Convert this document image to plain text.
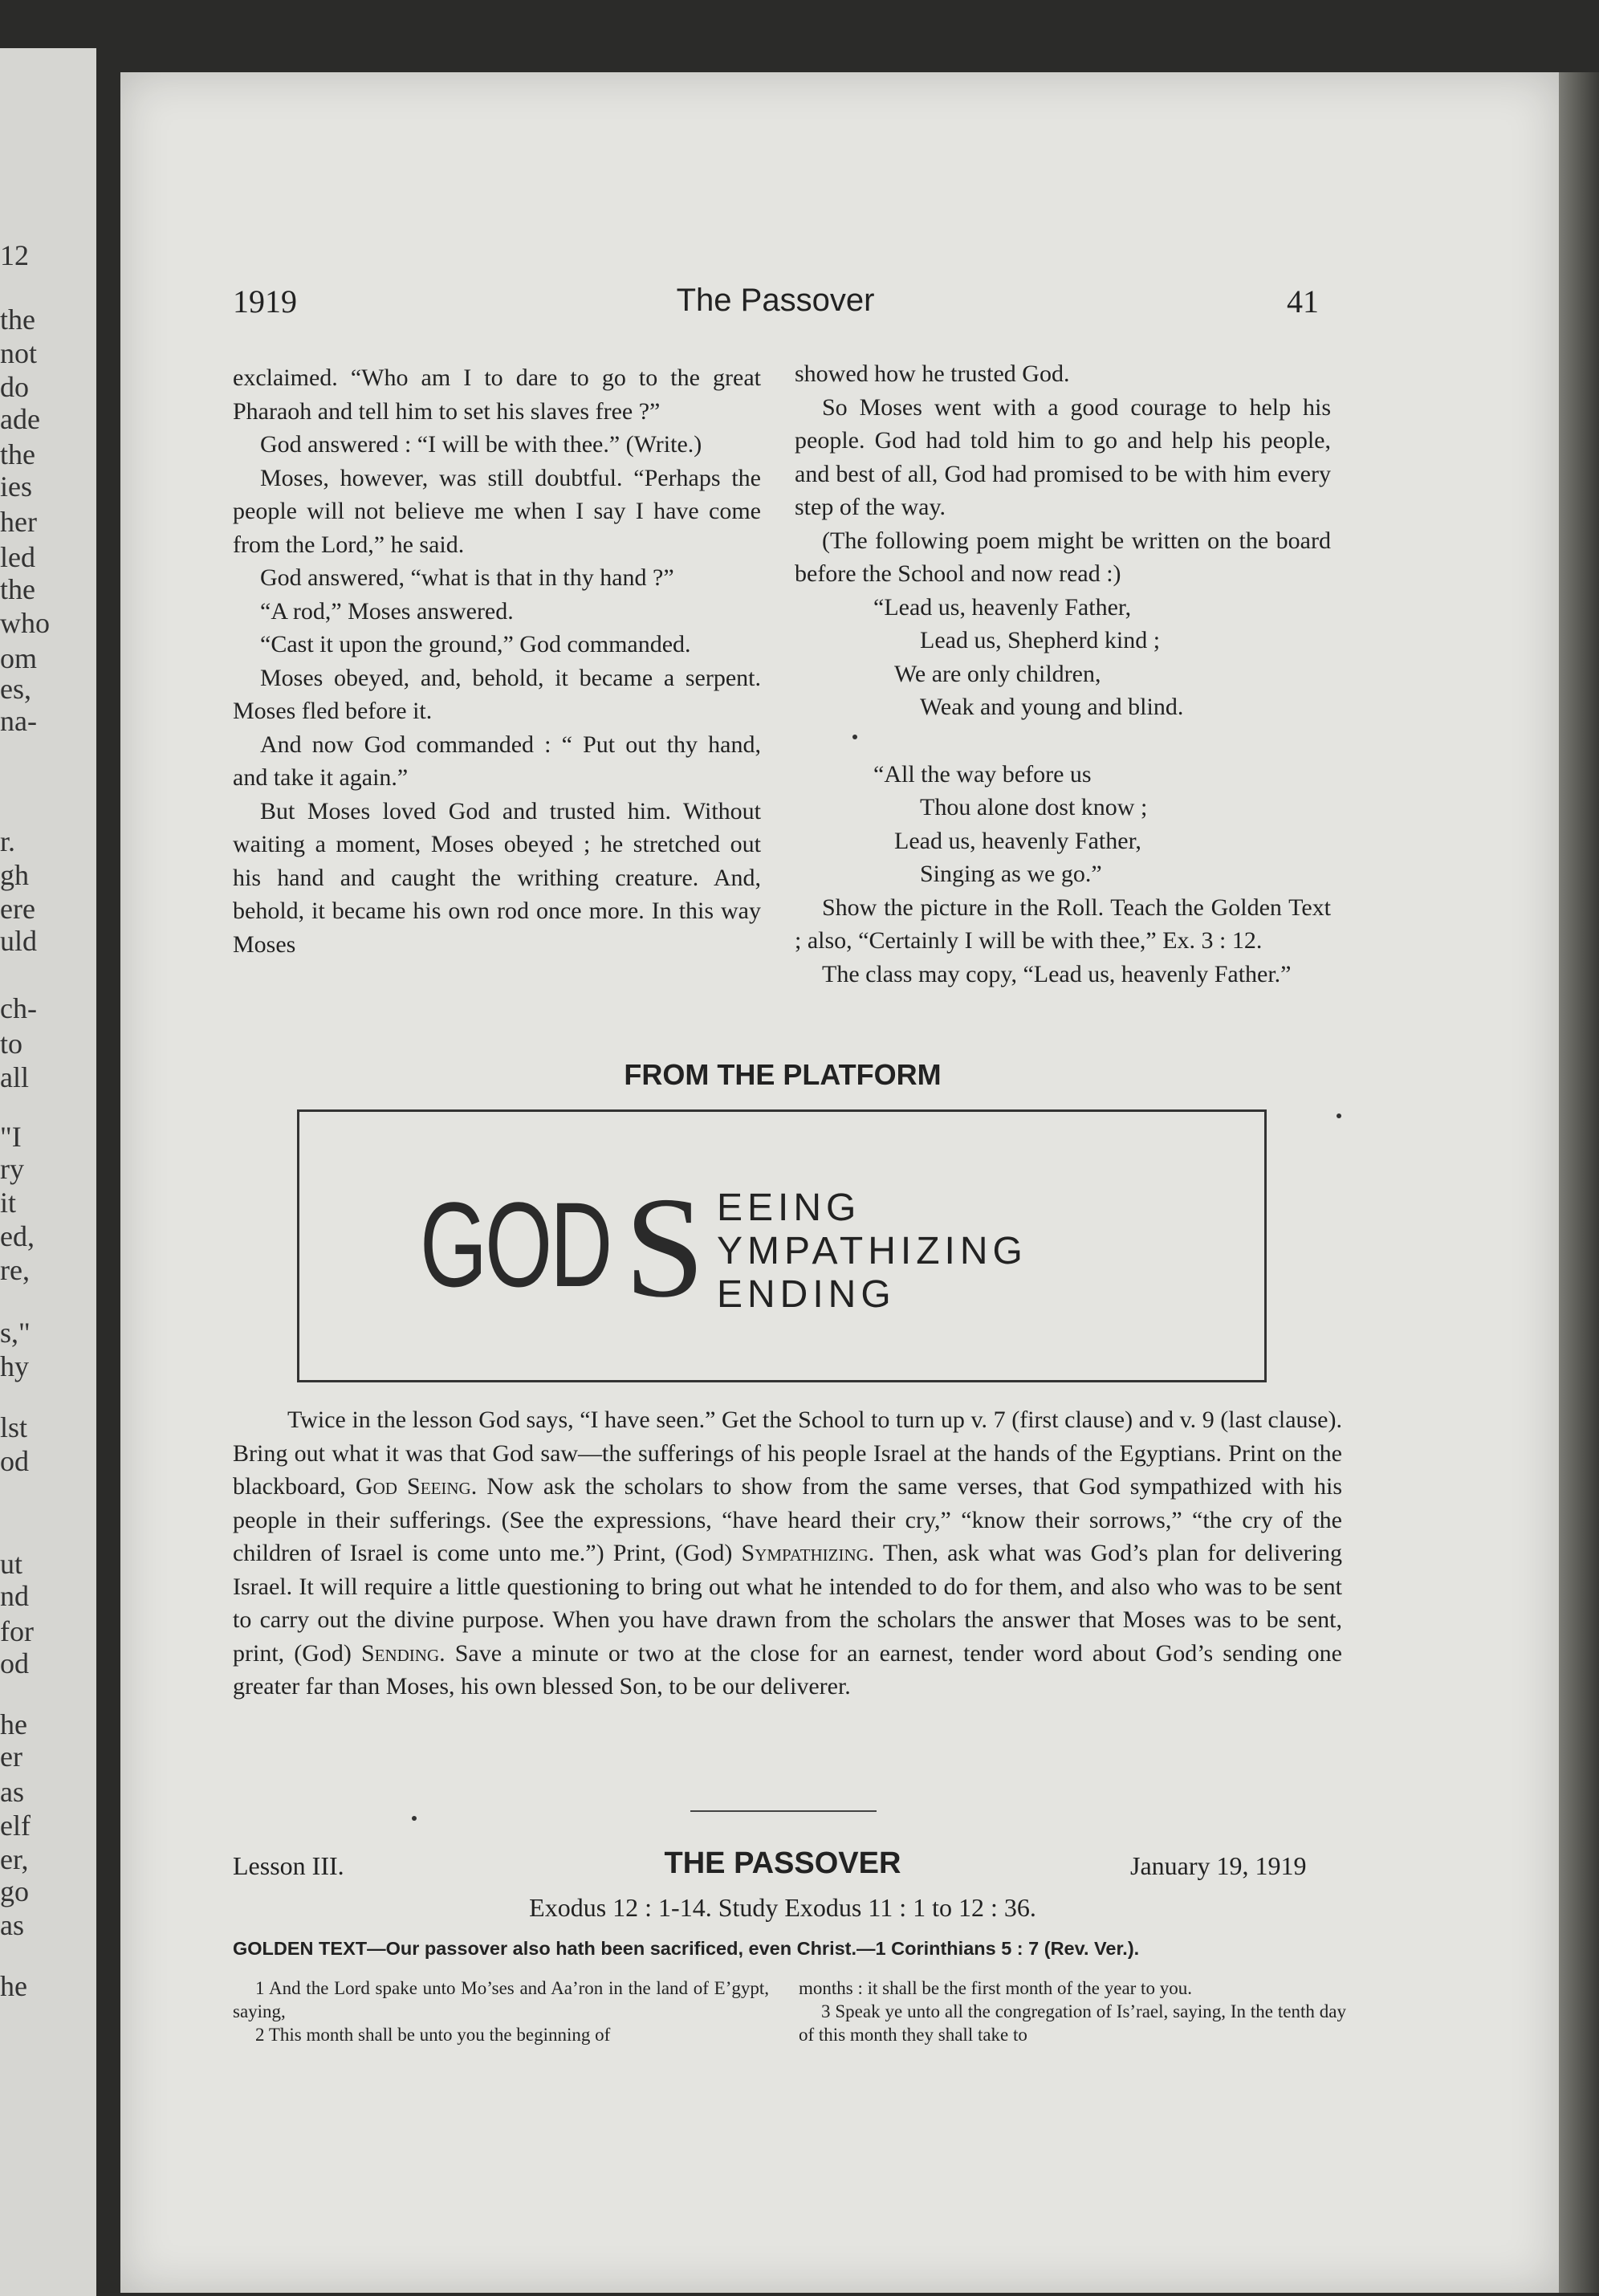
12
the
not
do
ade
the
ies
her
led
the
who
om
es,
na-
r.
gh
ere
uld
ch-
to
all
"I
ry
it
ed,
re,
s,"
hy
lst
od
ut
nd
for
od
he
er
as
elf
er,
go
as
he
1919	The Passover	41

exclaimed. “Who am I to dare to go to the great Pharaoh and tell him to set his slaves free ?”

God answered : “I will be with thee.” (Write.)

Moses, however, was still doubtful. “Perhaps the people will not believe me when I say I have come from the Lord,” he said.

God answered, “what is that in thy hand ?”

“A rod,” Moses answered.

“Cast it upon the ground,” God commanded.

Moses obeyed, and, behold, it became a serpent. Moses fled before it.

And now God commanded : “ Put out thy hand, and take it again.”

But Moses loved God and trusted him. Without waiting a moment, Moses obeyed ; he stretched out his hand and caught the writhing creature. And, behold, it became his own rod once more. In this way Moses

showed how he trusted God.

So Moses went with a good courage to help his people. God had told him to go and help his people, and best of all, God had promised to be with him every step of the way.

(The following poem might be written on the board before the School and now read :)

“Lead us, heavenly Father,

Lead us, Shepherd kind ;

We are only children,

Weak and young and blind.

“All the way before us

Thou alone dost know ;

Lead us, heavenly Father,

Singing as we go.”

Show the picture in the Roll. Teach the Golden Text ; also, “Certainly I will be with thee,” Ex. 3 : 12.

The class may copy, “Lead us, heavenly Father.”

FROM THE PLATFORM
GOD S EEING
YMPATHIZING
ENDING

Twice in the lesson God says, “I have seen.” Get the School to turn up v. 7 (first clause) and v. 9 (last clause). Bring out what it was that God saw—the sufferings of his people Israel at the hands of the Egyptians. Print on the blackboard, God Seeing. Now ask the scholars to show from the same verses, that God sympathized with his people in their sufferings. (See the expressions, “have heard their cry,” “know their sorrows,” “the cry of the children of Israel is come unto me.”) Print, (God) Sympathizing. Then, ask what was God’s plan for delivering Israel. It will require a little questioning to bring out what he intended to do for them, and also who was to be sent to carry out the divine purpose. When you have drawn from the scholars the answer that Moses was to be sent, print, (God) Sending. Save a minute or two at the close for an earnest, tender word about God’s sending one greater far than Moses, his own blessed Son, to be our deliverer.

Lesson III.	THE PASSOVER	January 19, 1919
Exodus 12 : 1-14. Study Exodus 11 : 1 to 12 : 36.
GOLDEN TEXT—Our passover also hath been sacrificed, even Christ.—1 Corinthians 5 : 7 (Rev. Ver.).

1 And the Lord spake unto Mo’ses and Aa’ron in the land of E’gypt, saying,

2 This month shall be unto you the beginning of

months : it shall be the first month of the year to you.

3 Speak ye unto all the congregation of Is’rael, saying, In the tenth day of this month they shall take to
